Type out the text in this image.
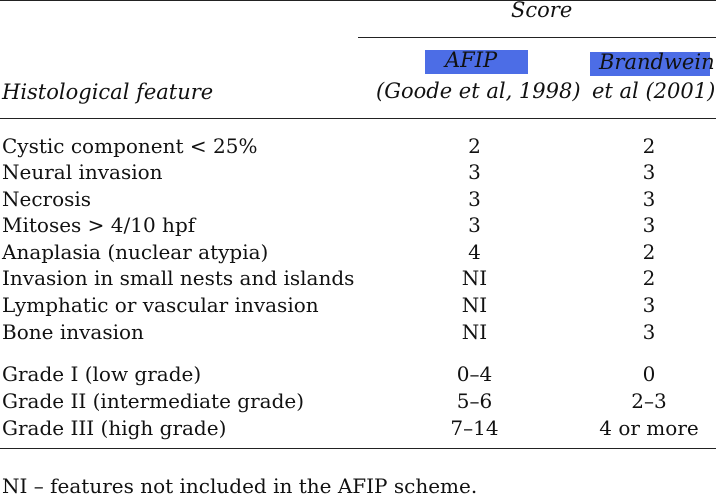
Score
AFIP
(Goode et al, 1998)
Brandwein
et al (2001)
Histological feature
Cystic component < 25%	2	2
Neural invasion	3	3
Necrosis	3	3
Mitoses > 4/10 hpf	3	3
Anaplasia (nuclear atypia)	4	2
Invasion in small nests and islands	NI	2
Lymphatic or vascular invasion	NI	3
Bone invasion	NI	3
Grade I (low grade)	0–4	0
Grade II (intermediate grade)	5–6	2–3
Grade III (high grade)	7–14	4 or more
NI – features not included in the AFIP scheme.
